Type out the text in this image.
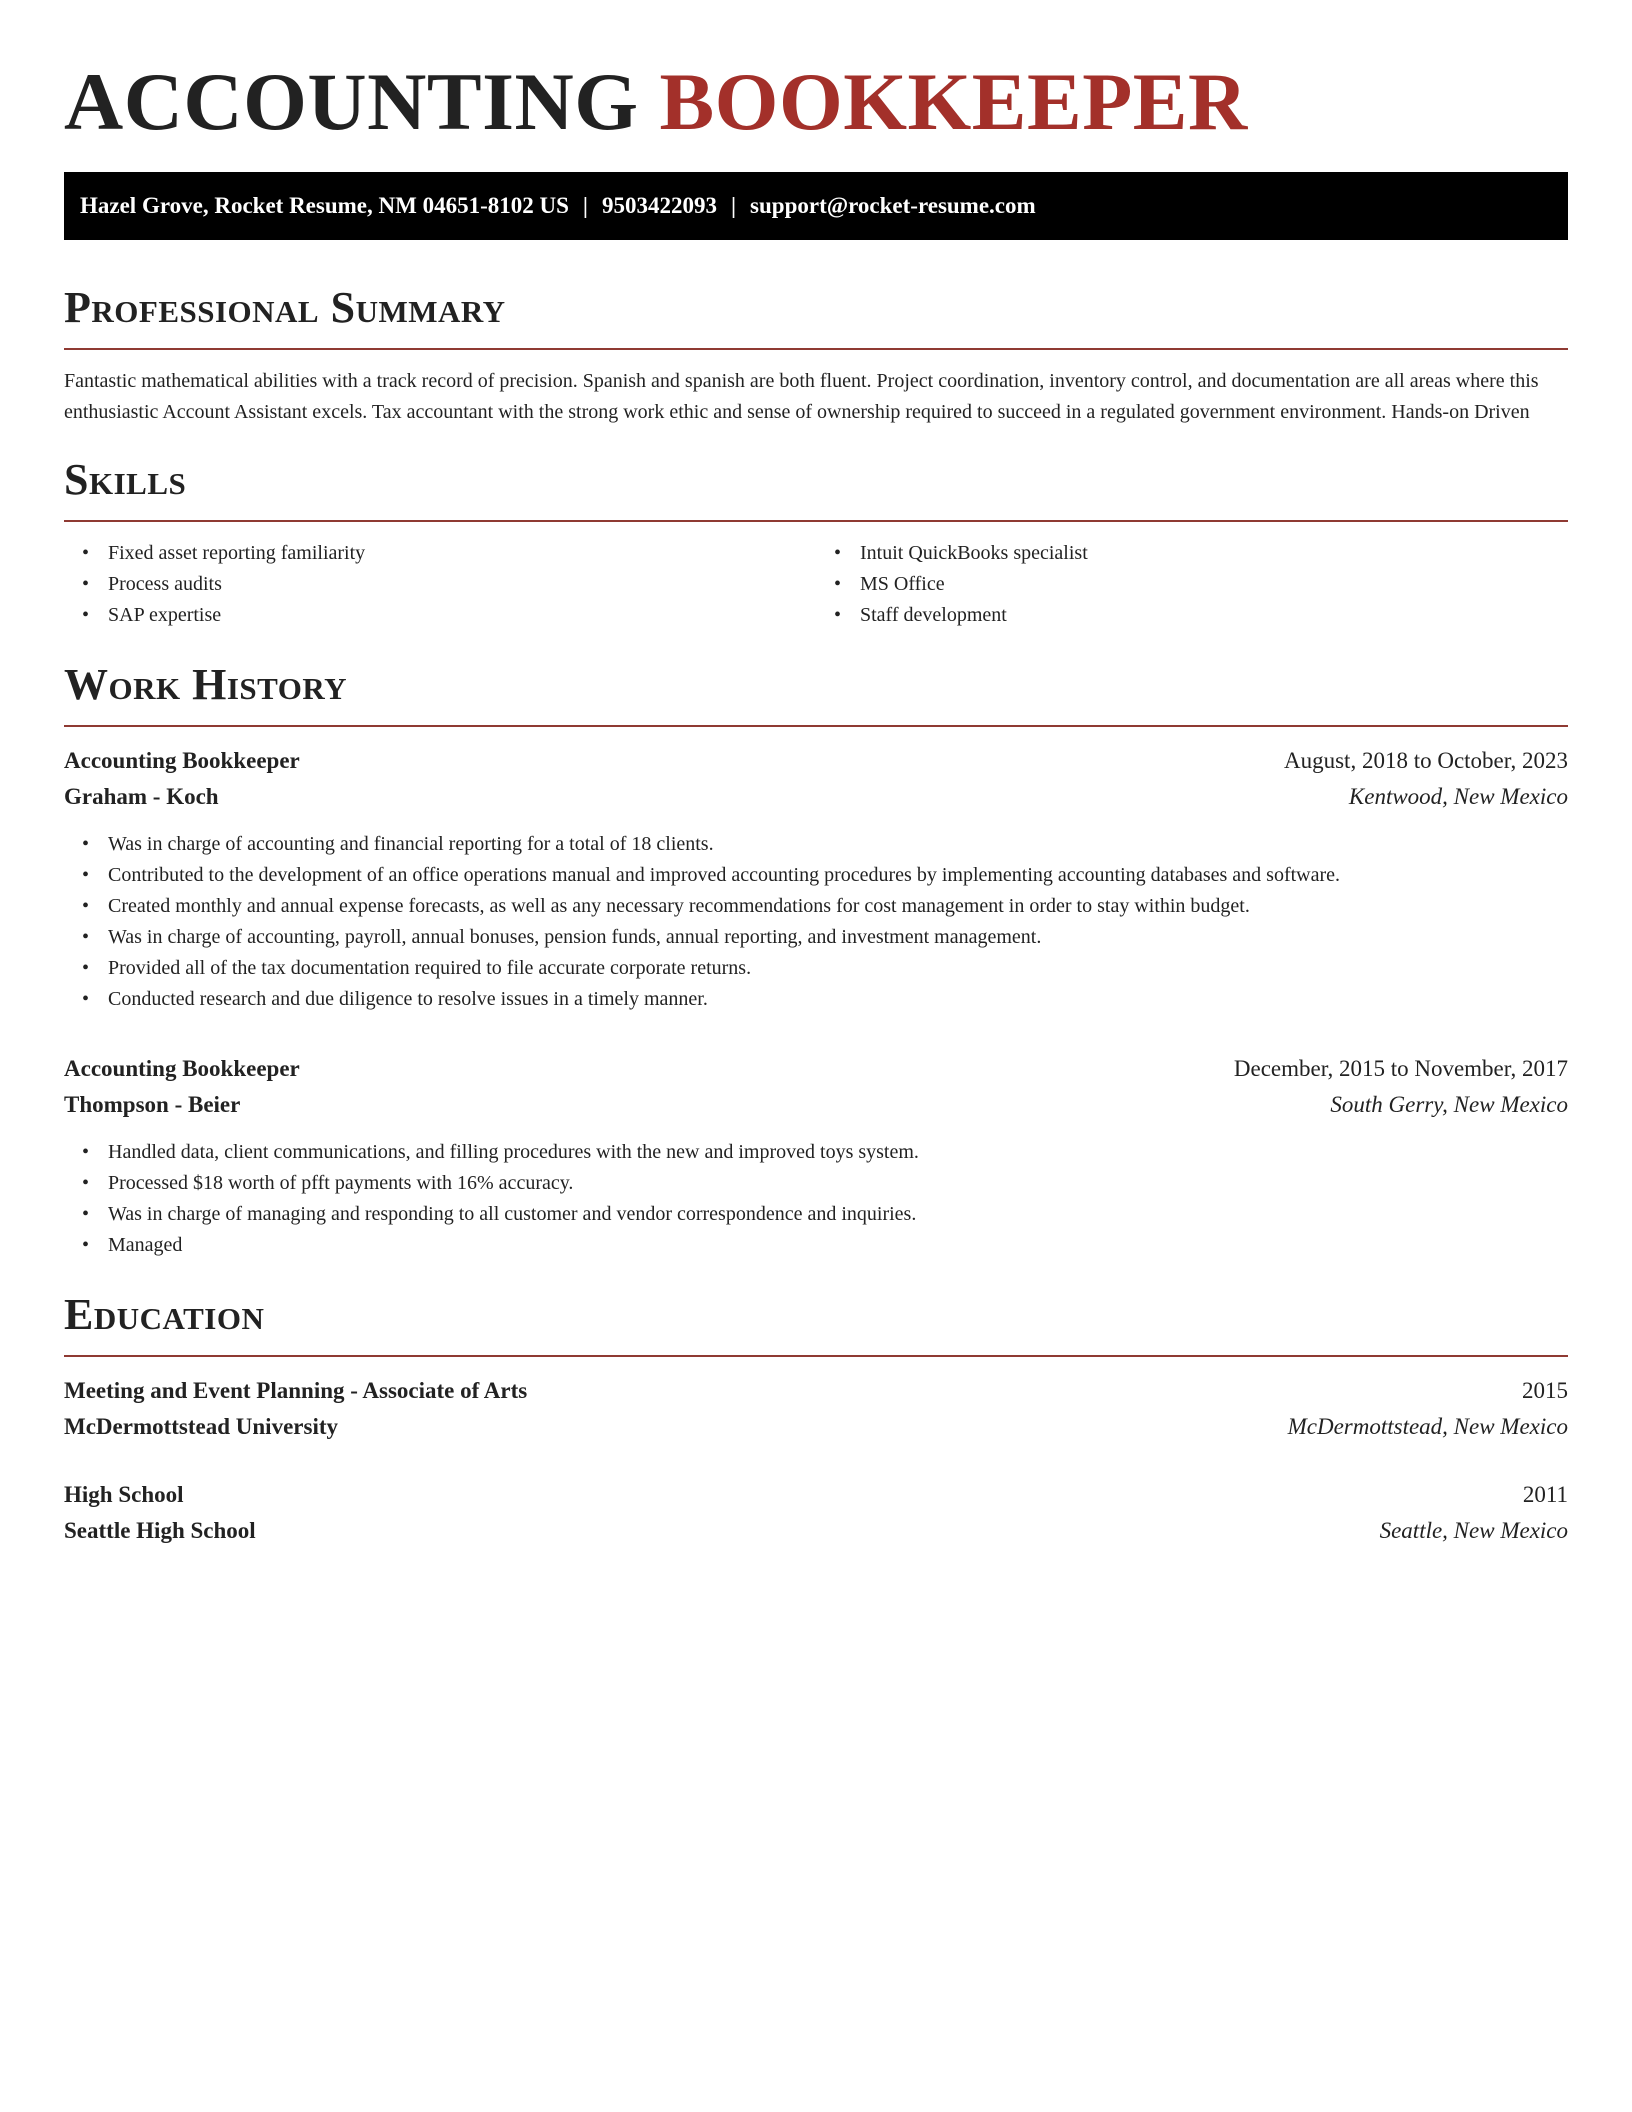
ACCOUNTING BOOKKEEPER
Hazel Grove, Rocket Resume, NM 04651-8102 US | 9503422093 | support@rocket-resume.com
Professional Summary

Fantastic mathematical abilities with a track record of precision. Spanish and spanish are both fluent. Project coordination, inventory control, and documentation are all areas where this enthusiastic Account Assistant excels. Tax accountant with the strong work ethic and sense of ownership required to succeed in a regulated government environment. Hands-on Driven

Skills
• Fixed asset reporting familiarity
• Process audits
• SAP expertise
• Intuit QuickBooks specialist
• MS Office
• Staff development
Work History
Accounting Bookkeeper	August, 2018 to October, 2023
Graham - Koch	Kentwood, New Mexico
• Was in charge of accounting and financial reporting for a total of 18 clients.
• Contributed to the development of an office operations manual and improved accounting procedures by implementing accounting databases and software.
• Created monthly and annual expense forecasts, as well as any necessary recommendations for cost management in order to stay within budget.
• Was in charge of accounting, payroll, annual bonuses, pension funds, annual reporting, and investment management.
• Provided all of the tax documentation required to file accurate corporate returns.
• Conducted research and due diligence to resolve issues in a timely manner.
Accounting Bookkeeper	December, 2015 to November, 2017
Thompson - Beier	South Gerry, New Mexico
• Handled data, client communications, and filling procedures with the new and improved toys system.
• Processed $18 worth of pfft payments with 16% accuracy.
• Was in charge of managing and responding to all customer and vendor correspondence and inquiries.
• Managed
Education
Meeting and Event Planning - Associate of Arts	2015
McDermottstead University	McDermottstead, New Mexico
High School	2011
Seattle High School	Seattle, New Mexico
